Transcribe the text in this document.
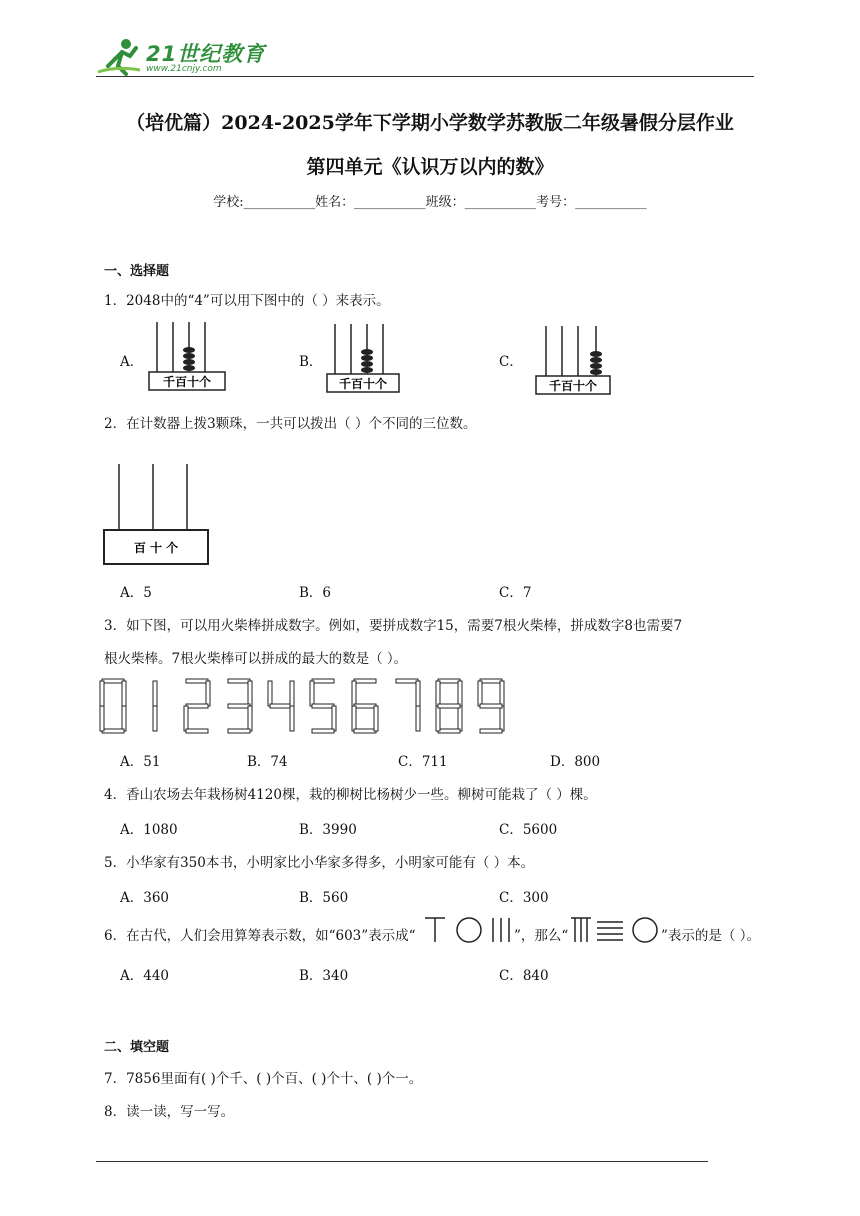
21世纪教育
www.21cnjy.com
（培优篇）2024-2025学年下学期小学数学苏教版二年级暑假分层作业
第四单元《认识万以内的数》
学校:___________姓名：___________班级：___________考号：___________
一、选择题
1．2048中的“4”可以用下图中的（ ）来表示。
A．	B．	C．
千百十个	千百十个	千百十个
2．在计数器上拨3颗珠，一共可以拨出（ ）个不同的三位数。
百 十 个
A．5	B．6	C．7
3．如下图，可以用火柴棒拼成数字。例如，要拼成数字15，需要7根火柴棒，拼成数字8也需要7
根火柴棒。7根火柴棒可以拼成的最大的数是（ ）。
A．51	B．74	C．711	D．800
4．香山农场去年栽杨树4120棵，栽的柳树比杨树少一些。柳树可能栽了（ ）棵。
A．1080	B．3990	C．5600
5．小华家有350本书，小明家比小华家多得多，小明家可能有（ ）本。
A．360	B．560	C．300
6．在古代，人们会用算筹表示数，如“603”表示成“	”，那么“	”表示的是（ ）。
A．440	B．340	C．840
二、填空题
7．7856里面有( )个千、( )个百、( )个十、( )个一。
8．读一读，写一写。
